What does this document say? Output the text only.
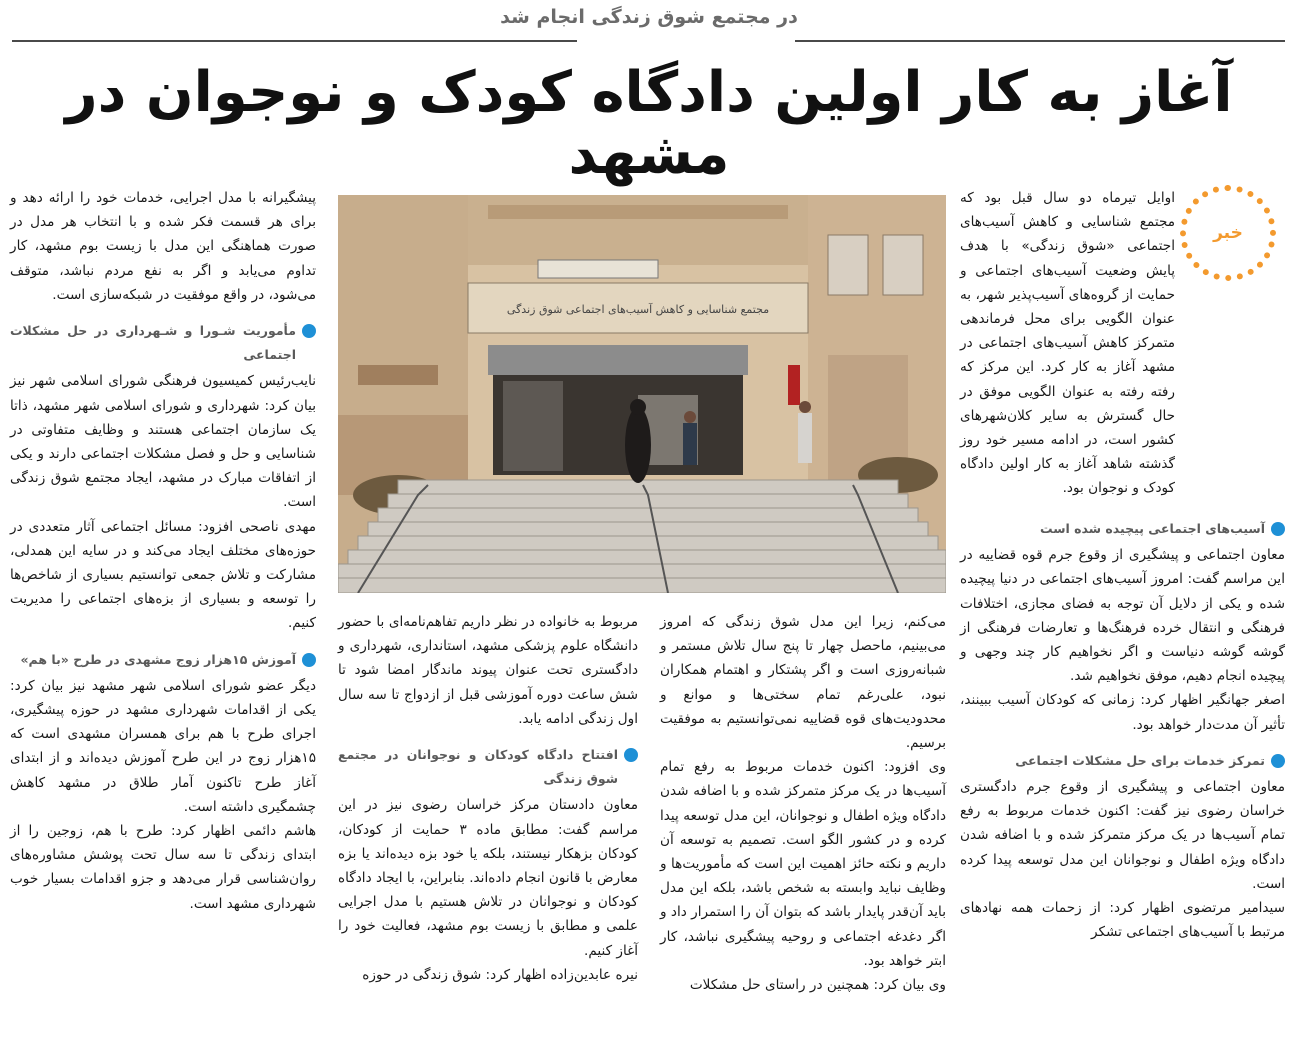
در مجتمع شوق زندگی انجام شد
آغاز به کار اولین دادگاه کودک و نوجوان در مشهد
خبر

اوایل تیرماه دو سال قبل بود که مجتمع شناسایی و کاهش آسیب‌های اجتماعی «شوق زندگی» با هدف پایش وضعیت آسیب‌های اجتماعی و حمایت از گروه‌های آسیب‌پذیر شهر، به عنوان الگویی برای محل فرماندهی متمرکز کاهش آسیب‌های اجتماعی در مشهد آغاز به کار کرد. این مرکز که رفته رفته به عنوان الگویی موفق در حال گسترش به سایر کلان‌شهرهای کشور است، در ادامه مسیر خود روز گذشته شاهد آغاز به کار اولین دادگاه کودک و نوجوان بود.

آسیب‌های اجتماعی پیچیده شده است

معاون اجتماعی و پیشگیری از وقوع جرم قوه قضاییه در این مراسم گفت: امروز آسیب‌های اجتماعی در دنیا پیچیده شده و یکی از دلایل آن توجه به فضای مجازی، اختلافات فرهنگی و انتقال خرده فرهنگ‌ها و تعارضات فرهنگی از گوشه گوشه دنیاست و اگر نخواهیم کار چند وجهی و پیچیده انجام دهیم، موفق نخواهیم شد.

اصغر جهانگیر اظهار کرد: زمانی که کودکان آسیب ببینند، تأثیر آن مدت‌دار خواهد بود.

تمرکز خدمات برای حل مشکلات اجتماعی

معاون اجتماعی و پیشگیری از وقوع جرم دادگستری خراسان رضوی نیز گفت: اکنون خدمات مربوط به رفع تمام آسیب‌ها در یک مرکز متمرکز شده و با اضافه شدن دادگاه ویژه اطفال و نوجوانان این مدل توسعه پیدا کرده است.

سیدامیر مرتضوی اظهار کرد: از زحمات همه نهادهای مرتبط با آسیب‌های اجتماعی تشکر

مجتمع شناسایی و کاهش آسیب‌های اجتماعی شوق زندگی

می‌کنم، زیرا این مدل شوق زندگی که امروز می‌بینیم، ماحصل چهار تا پنج سال تلاش مستمر و شبانه‌روزی است و اگر پشتکار و اهتمام همکاران نبود، علی‌رغم تمام سختی‌ها و موانع و محدودیت‌های قوه قضاییه نمی‌توانستیم به موفقیت برسیم.

وی افزود: اکنون خدمات مربوط به رفع تمام آسیب‌ها در یک مرکز متمرکز شده و با اضافه شدن دادگاه ویژه اطفال و نوجوانان، این مدل توسعه پیدا کرده و در کشور الگو است. تصمیم به توسعه آن داریم و نکته حائز اهمیت این است که مأموریت‌ها و وظایف نباید وابسته به شخص باشد، بلکه این مدل باید آن‌قدر پایدار باشد که بتوان آن را استمرار داد و اگر دغدغه اجتماعی و روحیه پیشگیری نباشد، کار ابتر خواهد بود.

وی بیان کرد: همچنین در راستای حل مشکلات

مربوط به خانواده در نظر داریم تفاهم‌نامه‌ای با حضور دانشگاه علوم پزشکی مشهد، استانداری، شهرداری و دادگستری تحت عنوان پیوند ماندگار امضا شود تا شش ساعت دوره آموزشی قبل از ازدواج تا سه سال اول زندگی ادامه یابد.

افتتاح دادگاه کودکان و نوجوانان در مجتمع شوق زندگی

معاون دادستان مرکز خراسان رضوی نیز در این مراسم گفت: مطابق ماده ۳ حمایت از کودکان، کودکان بزهکار نیستند، بلکه یا خود بزه دیده‌اند یا بزه معارض با قانون انجام داده‌اند. بنابراین، با ایجاد دادگاه کودکان و نوجوانان در تلاش هستیم با مدل اجرایی علمی و مطابق با زیست بوم مشهد، فعالیت خود را آغاز کنیم.

نیره عابدین‌زاده اظهار کرد: شوق زندگی در حوزه

پیشگیرانه با مدل اجرایی، خدمات خود را ارائه دهد و برای هر قسمت فکر شده و با انتخاب هر مدل در صورت هماهنگی این مدل با زیست بوم مشهد، کار تداوم می‌یابد و اگر به نفع مردم نباشد، متوقف می‌شود، در واقع موفقیت در شبکه‌سازی است.

مأموریت شـورا و شـهرداری در حل مشکلات اجتماعی

نایب‌رئیس کمیسیون فرهنگی شورای اسلامی شهر نیز بیان کرد: شهرداری و شورای اسلامی شهر مشهد، ذاتا یک سازمان اجتماعی هستند و وظایف متفاوتی در شناسایی و حل و فصل مشکلات اجتماعی دارند و یکی از اتفاقات مبارک در مشهد، ایجاد مجتمع شوق زندگی است.

مهدی ناصحی افزود: مسائل اجتماعی آثار متعددی در حوزه‌های مختلف ایجاد می‌کند و در سایه این همدلی، مشارکت و تلاش جمعی توانستیم بسیاری از شاخص‌ها را توسعه و بسیاری از بزه‌های اجتماعی را مدیریت کنیم.

آموزش ۱۵هزار زوج مشهدی در طرح «با هم»

دیگر عضو شورای اسلامی شهر مشهد نیز بیان کرد: یکی از اقدامات شهرداری مشهد در حوزه پیشگیری، اجرای طرح با هم برای همسران مشهدی است که ۱۵هزار زوج در این طرح آموزش دیده‌اند و از ابتدای آغاز طرح تاکنون آمار طلاق در مشهد کاهش چشمگیری داشته است.

هاشم دائمی اظهار کرد: طرح با هم، زوجین را از ابتدای زندگی تا سه سال تحت پوشش مشاوره‌های روان‌شناسی قرار می‌دهد و جزو اقدامات بسیار خوب شهرداری مشهد است.
